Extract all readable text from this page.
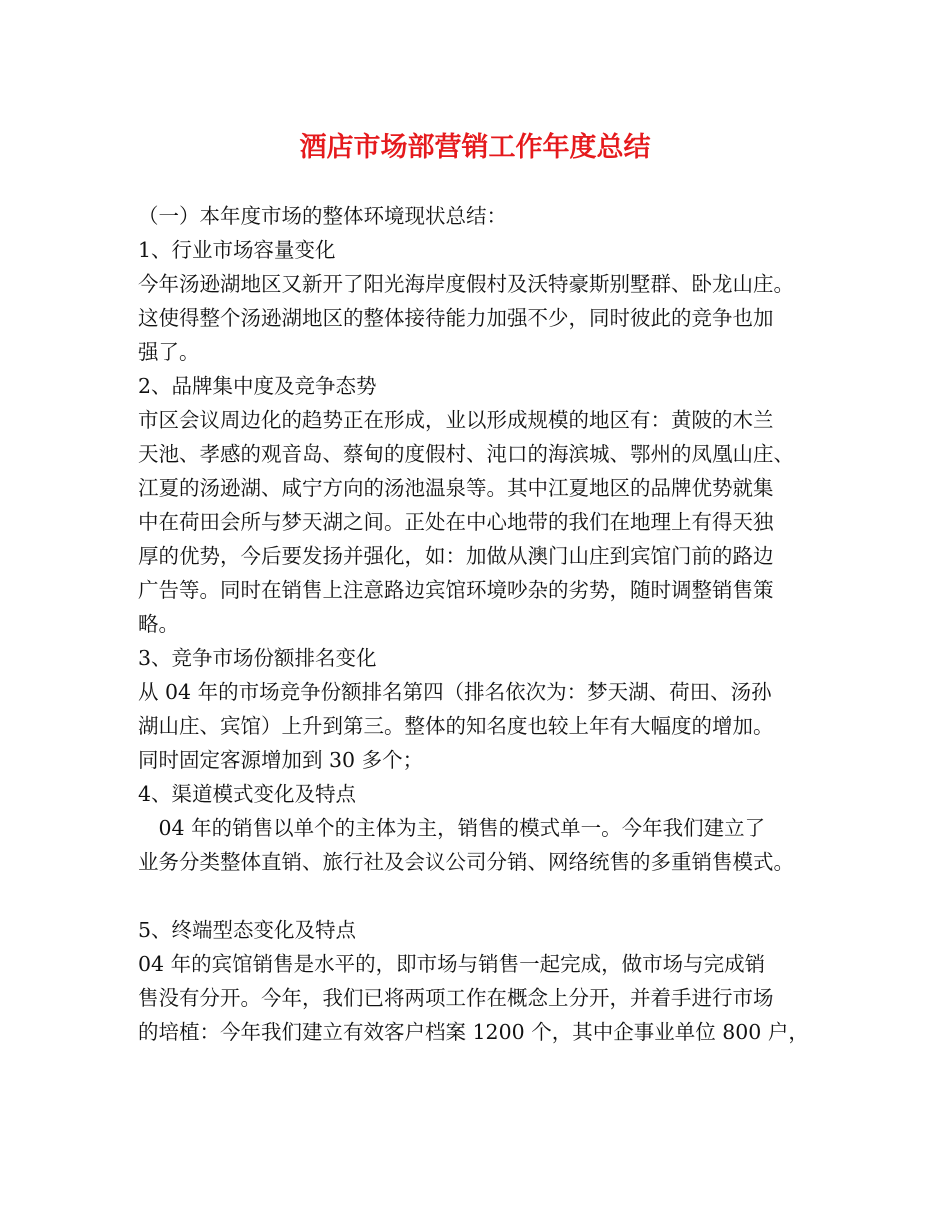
酒店市场部营销工作年度总结

（一）本年度市场的整体环境现状总结：

1、行业市场容量变化

今年汤逊湖地区又新开了阳光海岸度假村及沃特豪斯别墅群、卧龙山庄。

这使得整个汤逊湖地区的整体接待能力加强不少，同时彼此的竞争也加

强了。

2、品牌集中度及竞争态势

市区会议周边化的趋势正在形成，业以形成规模的地区有：黄陂的木兰

天池、孝感的观音岛、蔡甸的度假村、沌口的海滨城、鄂州的凤凰山庄、

江夏的汤逊湖、咸宁方向的汤池温泉等。其中江夏地区的品牌优势就集

中在荷田会所与梦天湖之间。正处在中心地带的我们在地理上有得天独

厚的优势，今后要发扬并强化，如：加做从澳门山庄到宾馆门前的路边

广告等。同时在销售上注意路边宾馆环境吵杂的劣势，随时调整销售策

略。

3、竞争市场份额排名变化

从 04 年的市场竞争份额排名第四（排名依次为：梦天湖、荷田、汤孙

湖山庄、宾馆）上升到第三。整体的知名度也较上年有大幅度的增加。

同时固定客源增加到 30 多个；

4、渠道模式变化及特点

　04 年的销售以单个的主体为主，销售的模式单一。今年我们建立了

业务分类整体直销、旅行社及会议公司分销、网络统售的多重销售模式。

5、终端型态变化及特点

04 年的宾馆销售是水平的，即市场与销售一起完成，做市场与完成销

售没有分开。今年，我们已将两项工作在概念上分开，并着手进行市场

的培植：今年我们建立有效客户档案 1200 个，其中企事业单位 800 户，
